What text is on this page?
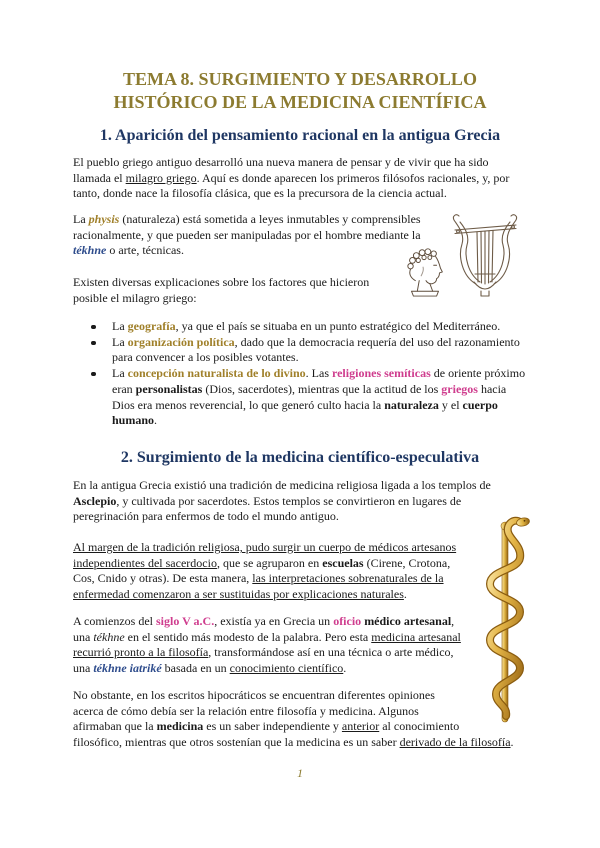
TEMA 8. SURGIMIENTO Y DESARROLLO
HISTÓRICO DE LA MEDICINA CIENTÍFICA
1. Aparición del pensamiento racional en la antigua Grecia
El pueblo griego antiguo desarrolló una nueva manera de pensar y de vivir que ha sido
llamada el milagro griego. Aquí es donde aparecen los primeros filósofos racionales, y, por
tanto, donde nace la filosofía clásica, que es la precursora de la ciencia actual.
La physis (naturaleza) está sometida a leyes inmutables y comprensibles
racionalmente, y que pueden ser manipuladas por el hombre mediante la
tékhne o arte, técnicas.
Existen diversas explicaciones sobre los factores que hicieron
posible el milagro griego:
La geografía, ya que el país se situaba en un punto estratégico del Mediterráneo.
La organización política, dado que la democracia requería del uso del razonamiento
para convencer a los posibles votantes.
La concepción naturalista de lo divino. Las religiones semíticas de oriente próximo
eran personalistas (Dios, sacerdotes), mientras que la actitud de los griegos hacia
Dios era menos reverencial, lo que generó culto hacia la naturaleza y el cuerpo
humano.
2. Surgimiento de la medicina científico-especulativa
En la antigua Grecia existió una tradición de medicina religiosa ligada a los templos de
Asclepio, y cultivada por sacerdotes. Estos templos se convirtieron en lugares de
peregrinación para enfermos de todo el mundo antiguo.
Al margen de la tradición religiosa, pudo surgir un cuerpo de médicos artesanos
independientes del sacerdocio, que se agruparon en escuelas (Cirene, Crotona,
Cos, Cnido y otras). De esta manera, las interpretaciones sobrenaturales de la
enfermedad comenzaron a ser sustituidas por explicaciones naturales.
A comienzos del siglo V a.C., existía ya en Grecia un oficio médico artesanal,
una tékhne en el sentido más modesto de la palabra. Pero esta medicina artesanal
recurrió pronto a la filosofía, transformándose así en una técnica o arte médico,
una tékhne iatriké basada en un conocimiento científico.
No obstante, en los escritos hipocráticos se encuentran diferentes opiniones
acerca de cómo debía ser la relación entre filosofía y medicina. Algunos
afirmaban que la medicina es un saber independiente y anterior al conocimiento
filosófico, mientras que otros sostenían que la medicina es un saber derivado de la filosofía.
1
